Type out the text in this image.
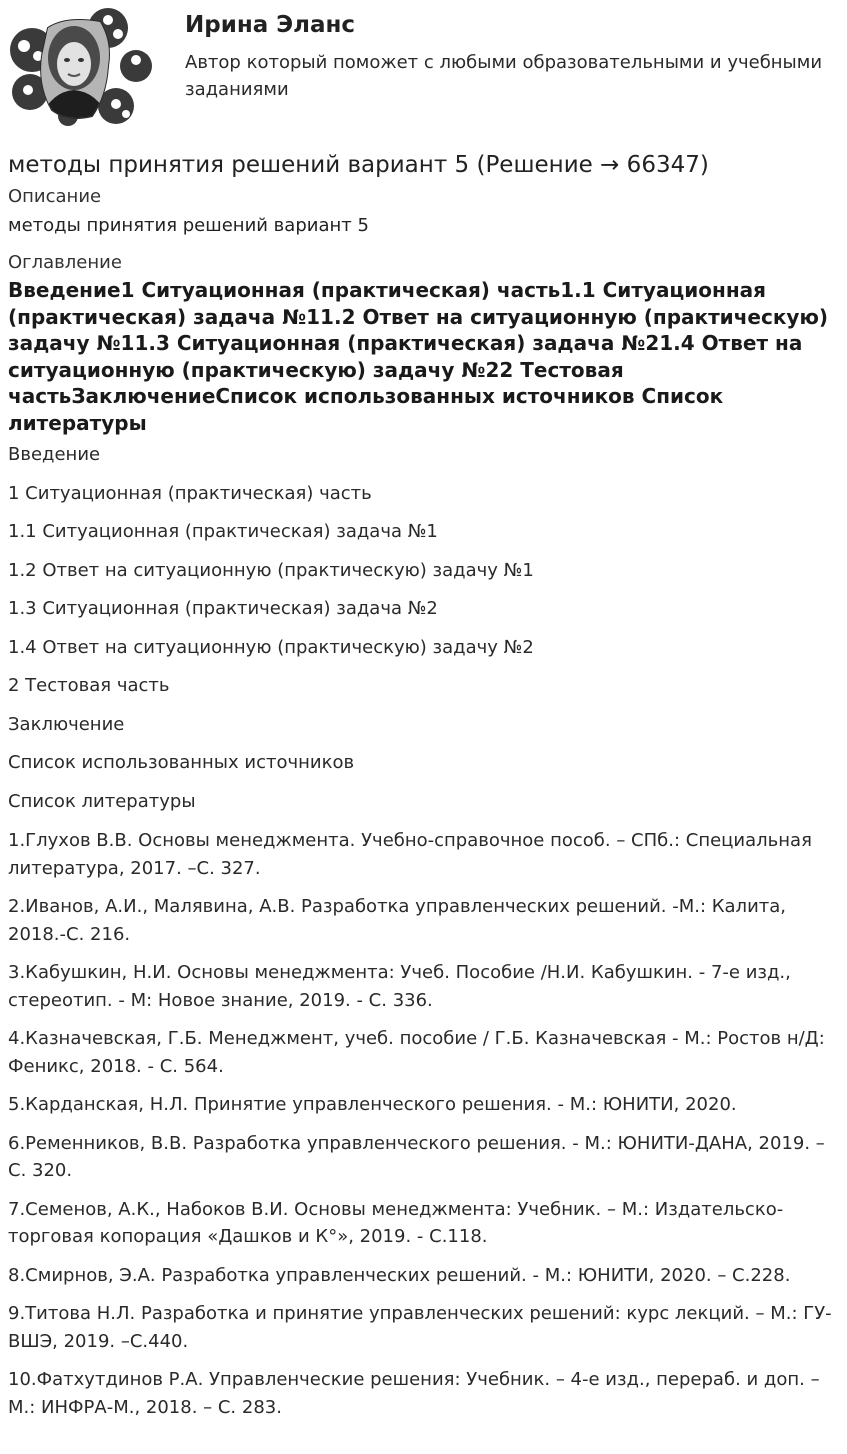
Ирина Эланс
Автор который поможет с любыми образовательными и учебными заданиями
методы принятия решений вариант 5 (Решение → 66347)
Описание
методы принятия решений вариант 5
Оглавление
Введение1 Ситуационная (практическая) часть1.1 Ситуационная (практическая) задача №11.2 Ответ на ситуационную (практическую) задачу №11.3 Ситуационная (практическая) задача №21.4 Ответ на ситуационную (практическую) задачу №22 Тестовая частьЗаключениеСписок использованных источников Список литературы
Введение
1 Ситуационная (практическая) часть
1.1 Ситуационная (практическая) задача №1
1.2 Ответ на ситуационную (практическую) задачу №1
1.3 Ситуационная (практическая) задача №2
1.4 Ответ на ситуационную (практическую) задачу №2
2 Тестовая часть
Заключение
Список использованных источников
Список литературы
1.Глухов В.В. Основы менеджмента. Учебно-справочное пособ. – СПб.: Специальная литература, 2017. –С. 327.
2.Иванов, А.И., Малявина, А.В. Разработка управленческих решений. -М.: Калита, 2018.-С. 216.
3.Кабушкин, Н.И. Основы менеджмента: Учеб. Пособие /Н.И. Кабушкин. - 7-е изд., стереотип. - М: Новое знание, 2019. - С. 336.
4.Казначевская, Г.Б. Менеджмент, учеб. пособие / Г.Б. Казначевская - М.: Ростов н/Д: Феникс, 2018. - С. 564.
5.Карданская, Н.Л. Принятие управленческого решения. - М.: ЮНИТИ, 2020.
6.Ременников, В.В. Разработка управленческого решения. - М.: ЮНИТИ-ДАНА, 2019. – С. 320.
7.Семенов, А.К., Набоков В.И. Основы менеджмента: Учебник. – М.: Издательско-торговая копорация «Дашков и К°», 2019. - С.118.
8.Смирнов, Э.А. Разработка управленческих решений. - М.: ЮНИТИ, 2020. – С.228.
9.Титова Н.Л. Разработка и принятие управленческих решений: курс лекций. – М.: ГУ-ВШЭ, 2019. –С.440.
10.Фатхутдинов Р.А. Управленческие решения: Учебник. – 4-е изд., перераб. и доп. – М.: ИНФРА-М., 2018. – С. 283.
